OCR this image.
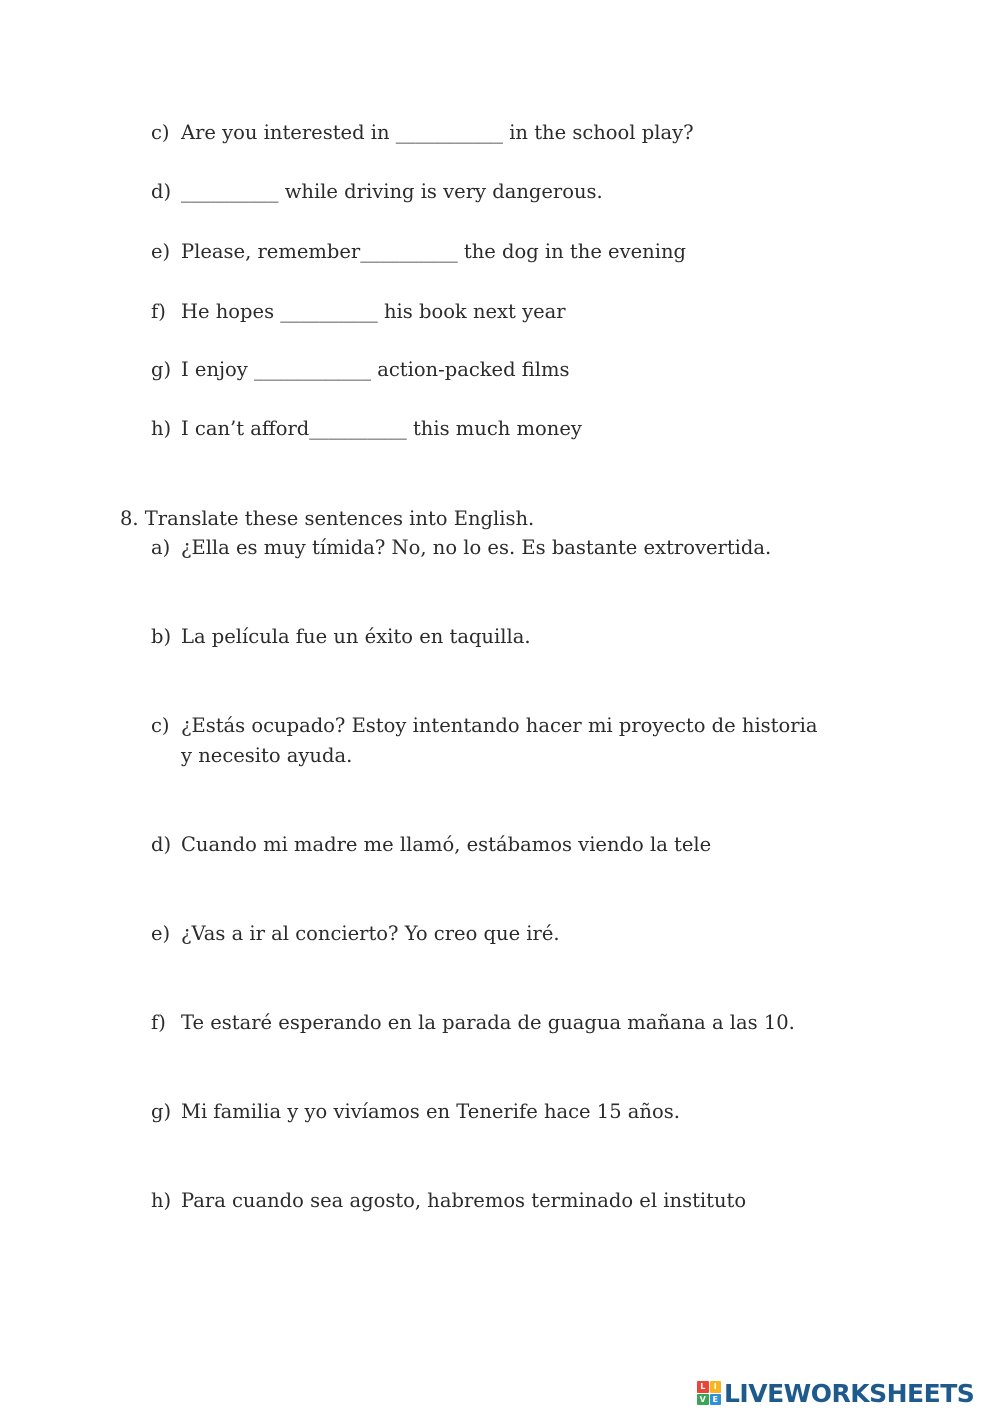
c) Are you interested in ___________ in the school play?
d) __________ while driving is very dangerous.
e) Please, remember__________ the dog in the evening
f) He hopes __________ his book next year
g) I enjoy ____________ action-packed films
h) I can’t afford__________ this much money
8. Translate these sentences into English.
a) ¿Ella es muy tímida? No, no lo es. Es bastante extrovertida.
b) La película fue un éxito en taquilla.
c) ¿Estás ocupado? Estoy intentando hacer mi proyecto de historia y necesito ayuda.
d) Cuando mi madre me llamó, estábamos viendo la tele
e) ¿Vas a ir al concierto? Yo creo que iré.
f) Te estaré esperando en la parada de guagua mañana a las 10.
g) Mi familia y yo vivíamos en Tenerife hace 15 años.
h) Para cuando sea agosto, habremos terminado el instituto
L	I
V E LIVEWORKSHEETS
